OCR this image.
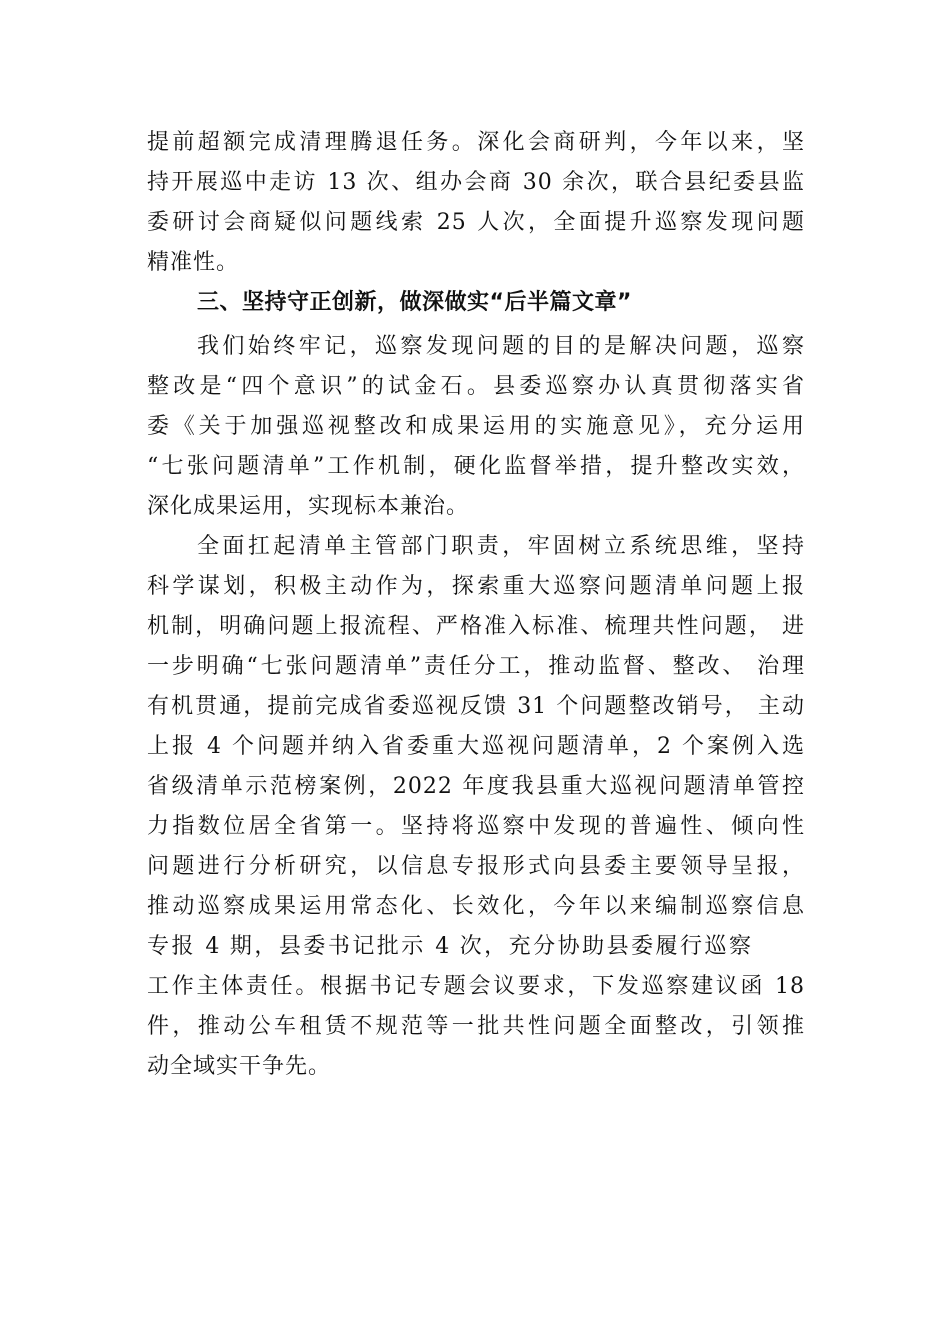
提前超额完成清理腾退任务。深化会商研判，今年以来，坚
持开展巡中走访 13 次、组办会商 30 余次，联合县纪委县监
委研讨会商疑似问题线索 25 人次，全面提升巡察发现问题
精准性。
三、坚持守正创新，做深做实“后半篇文章”
我们始终牢记，巡察发现问题的目的是解决问题，巡察
整改是“四个意识”的试金石。县委巡察办认真贯彻落实省
委《关于加强巡视整改和成果运用的实施意见》，充分运用
“七张问题清单”工作机制，硬化监督举措，提升整改实效，
深化成果运用，实现标本兼治。
全面扛起清单主管部门职责，牢固树立系统思维，坚持
科学谋划，积极主动作为，探索重大巡察问题清单问题上报
机制，明确问题上报流程、严格准入标准、梳理共性问题， 进
一步明确“七张问题清单”责任分工，推动监督、整改、 治理
有机贯通，提前完成省委巡视反馈 31 个问题整改销号， 主动
上报 4 个问题并纳入省委重大巡视问题清单，2 个案例入选
省级清单示范榜案例，2022 年度我县重大巡视问题清单管控
力指数位居全省第一。坚持将巡察中发现的普遍性、倾向性
问题进行分析研究，以信息专报形式向县委主要领导呈报，
推动巡察成果运用常态化、长效化，今年以来编制巡察信息
专报 4 期，县委书记批示 4 次，充分协助县委履行巡察
工作主体责任。根据书记专题会议要求，下发巡察建议函 18
件，推动公车租赁不规范等一批共性问题全面整改，引领推
动全域实干争先。
